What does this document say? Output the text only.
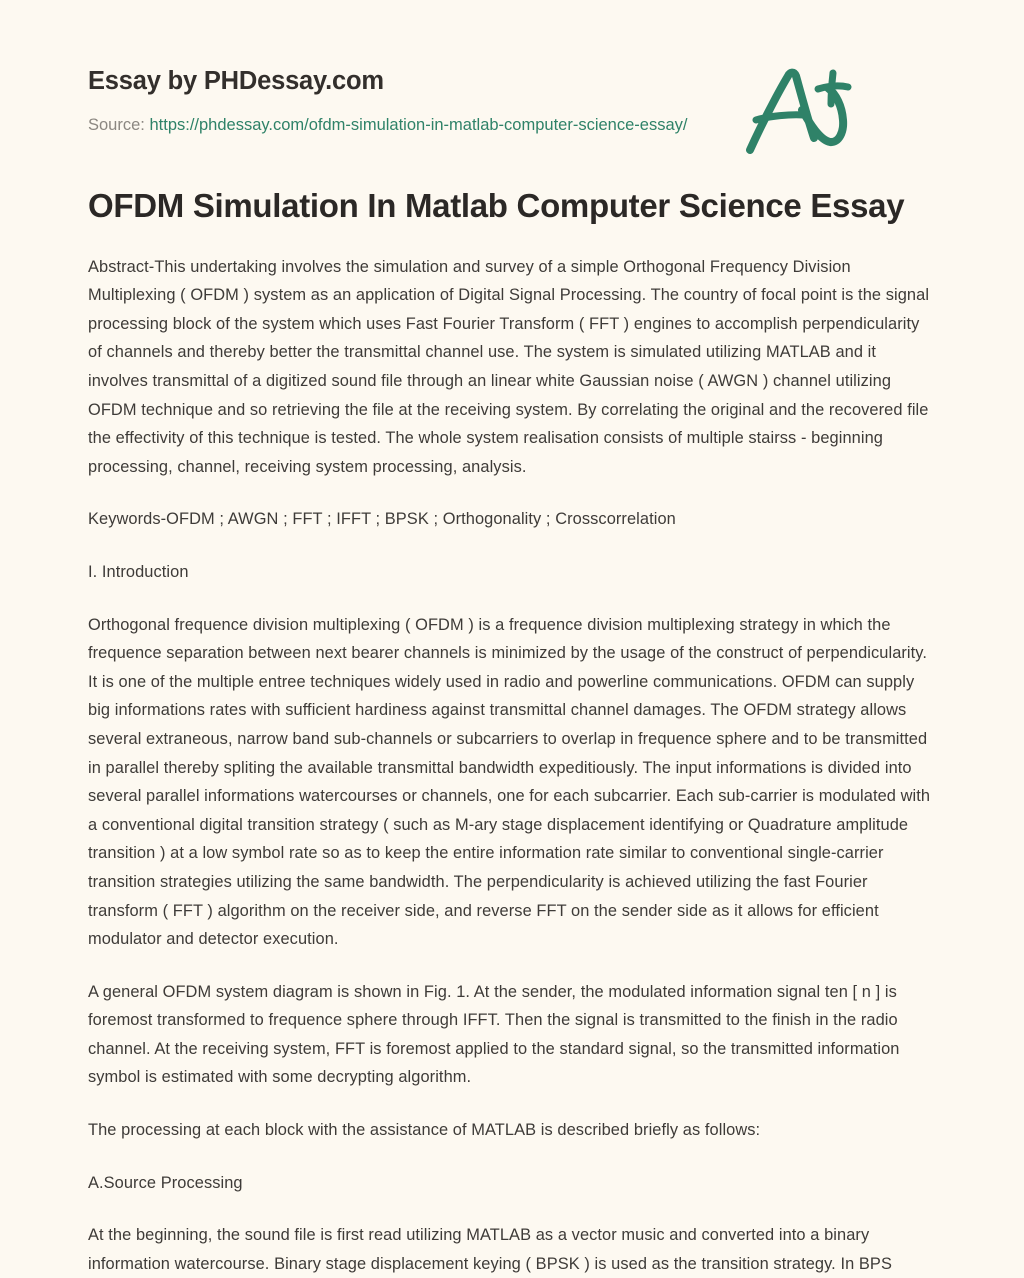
Essay by PHDessay.com
Source: https://phdessay.com/ofdm-simulation-in-matlab-computer-science-essay/
OFDM Simulation In Matlab Computer Science Essay

Abstract-This undertaking involves the simulation and survey of a simple Orthogonal Frequency Division Multiplexing ( OFDM ) system as an application of Digital Signal Processing. The country of focal point is the signal processing block of the system which uses Fast Fourier Transform ( FFT ) engines to accomplish perpendicularity of channels and thereby better the transmittal channel use. The system is simulated utilizing MATLAB and it involves transmittal of a digitized sound file through an linear white Gaussian noise ( AWGN ) channel utilizing OFDM technique and so retrieving the file at the receiving system. By correlating the original and the recovered file the effectivity of this technique is tested. The whole system realisation consists of multiple stairss - beginning processing, channel, receiving system processing, analysis.

Keywords-OFDM ; AWGN ; FFT ; IFFT ; BPSK ; Orthogonality ; Crosscorrelation

I. Introduction

Orthogonal frequence division multiplexing ( OFDM ) is a frequence division multiplexing strategy in which the frequence separation between next bearer channels is minimized by the usage of the construct of perpendicularity. It is one of the multiple entree techniques widely used in radio and powerline communications. OFDM can supply big informations rates with sufficient hardiness against transmittal channel damages. The OFDM strategy allows several extraneous, narrow band sub-channels or subcarriers to overlap in frequence sphere and to be transmitted in parallel thereby spliting the available transmittal bandwidth expeditiously. The input informations is divided into several parallel informations watercourses or channels, one for each subcarrier. Each sub-carrier is modulated with a conventional digital transition strategy ( such as M-ary stage displacement identifying or Quadrature amplitude transition ) at a low symbol rate so as to keep the entire information rate similar to conventional single-carrier transition strategies utilizing the same bandwidth. The perpendicularity is achieved utilizing the fast Fourier transform ( FFT ) algorithm on the receiver side, and reverse FFT on the sender side as it allows for efficient modulator and detector execution.

A general OFDM system diagram is shown in Fig. 1. At the sender, the modulated information signal ten [ n ] is foremost transformed to frequence sphere through IFFT. Then the signal is transmitted to the finish in the radio channel. At the receiving system, FFT is foremost applied to the standard signal, so the transmitted information symbol is estimated with some decrypting algorithm.

The processing at each block with the assistance of MATLAB is described briefly as follows:

A.Source Processing

At the beginning, the sound file is first read utilizing MATLAB as a vector music and converted into a binary information watercourse. Binary stage displacement keying ( BPSK ) is used as the transition strategy. In BPS
